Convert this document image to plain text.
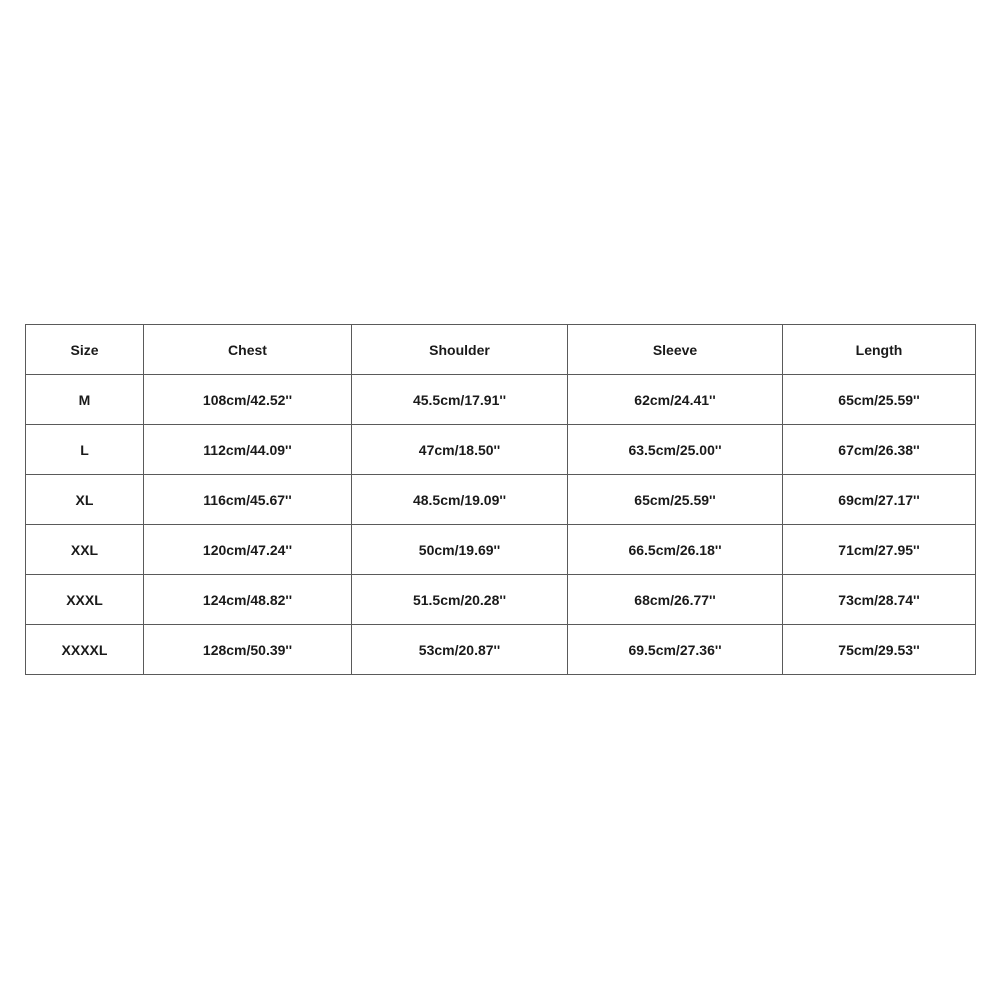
Size	Chest	Shoulder	Sleeve	Length
M	108cm/42.52''	45.5cm/17.91''	62cm/24.41''	65cm/25.59''
L	112cm/44.09''	47cm/18.50''	63.5cm/25.00''	67cm/26.38''
XL	116cm/45.67''	48.5cm/19.09''	65cm/25.59''	69cm/27.17''
XXL	120cm/47.24''	50cm/19.69''	66.5cm/26.18''	71cm/27.95''
XXXL	124cm/48.82''	51.5cm/20.28''	68cm/26.77''	73cm/28.74''
XXXXL	128cm/50.39''	53cm/20.87''	69.5cm/27.36''	75cm/29.53''
